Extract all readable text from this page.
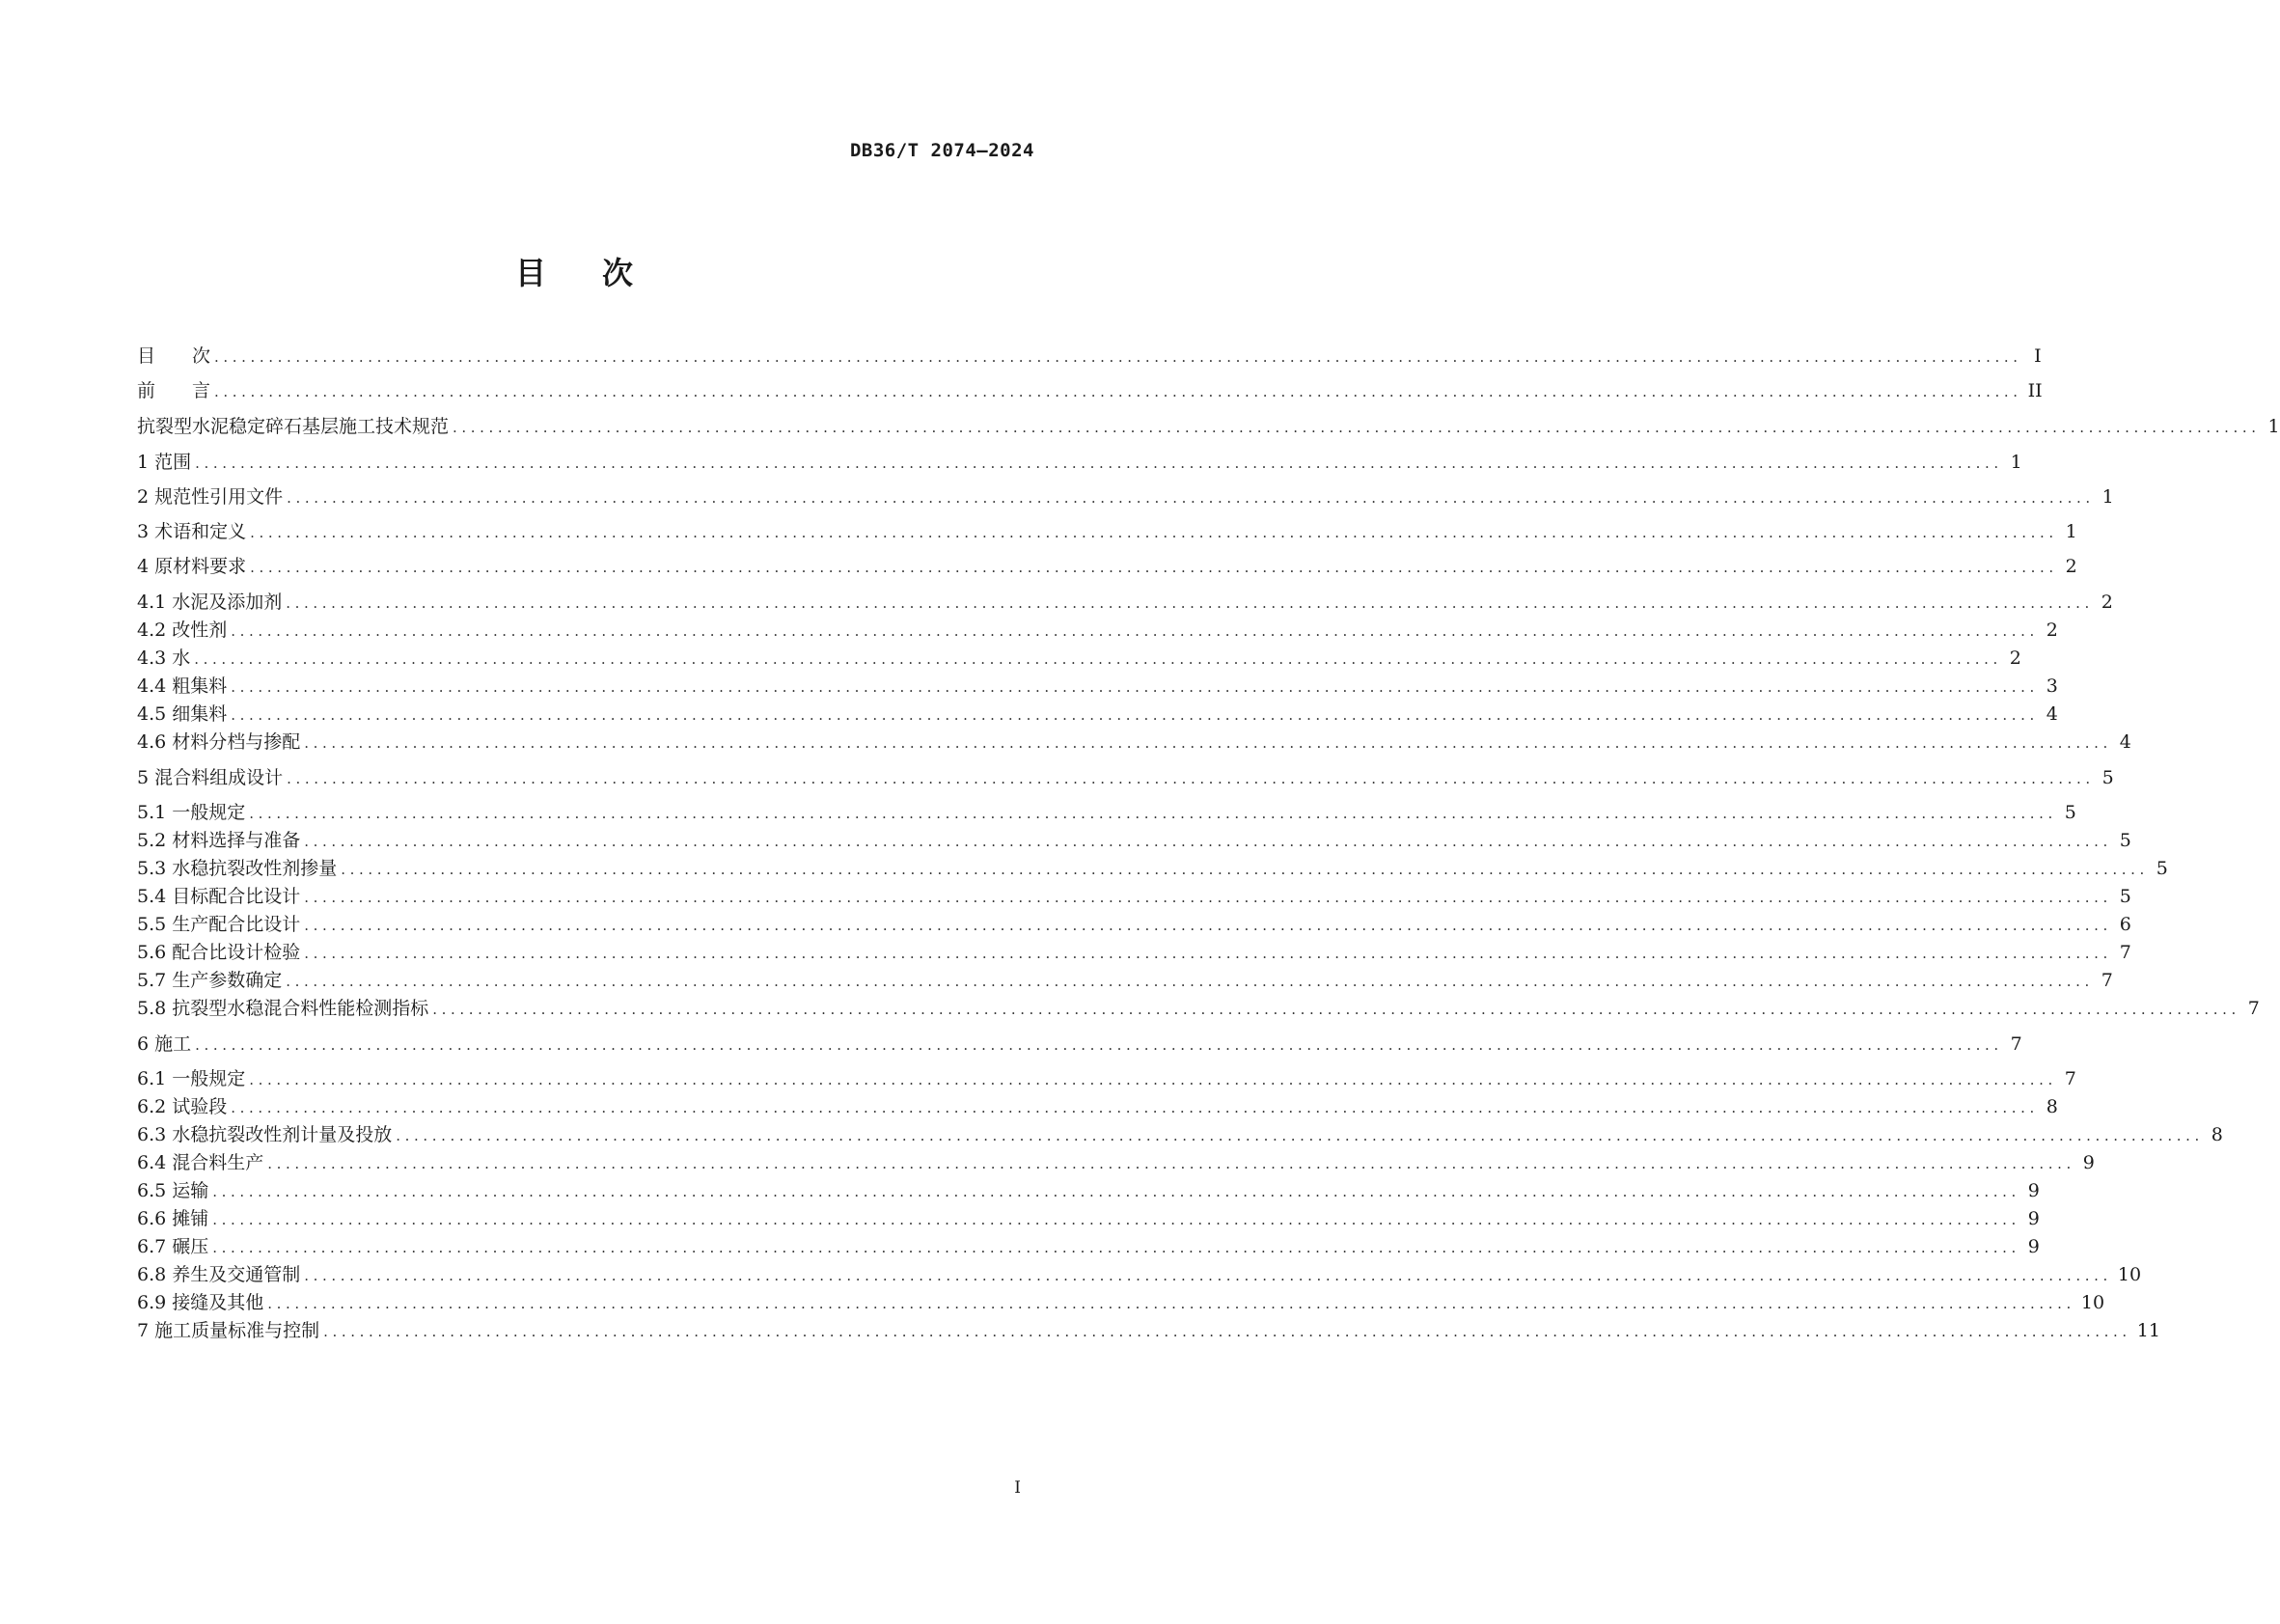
DB36/T 2074—2024
目 次
目　　次 ........................................................................................................................................................................................................ I
前　　言 ........................................................................................................................................................................................................ II
抗裂型水泥稳定碎石基层施工技术规范 ........................................................................................................................................................................................................ 1
1 范围 ........................................................................................................................................................................................................ 1
2 规范性引用文件 ........................................................................................................................................................................................................ 1
3 术语和定义 ........................................................................................................................................................................................................ 1
4 原材料要求 ........................................................................................................................................................................................................ 2
4.1 水泥及添加剂 ........................................................................................................................................................................................................ 2
4.2 改性剂 ........................................................................................................................................................................................................ 2
4.3 水 ........................................................................................................................................................................................................ 2
4.4 粗集料 ........................................................................................................................................................................................................ 3
4.5 细集料 ........................................................................................................................................................................................................ 4
4.6 材料分档与掺配 ........................................................................................................................................................................................................ 4
5 混合料组成设计 ........................................................................................................................................................................................................ 5
5.1 一般规定 ........................................................................................................................................................................................................ 5
5.2 材料选择与准备 ........................................................................................................................................................................................................ 5
5.3 水稳抗裂改性剂掺量 ........................................................................................................................................................................................................ 5
5.4 目标配合比设计 ........................................................................................................................................................................................................ 5
5.5 生产配合比设计 ........................................................................................................................................................................................................ 6
5.6 配合比设计检验 ........................................................................................................................................................................................................ 7
5.7 生产参数确定 ........................................................................................................................................................................................................ 7
5.8 抗裂型水稳混合料性能检测指标 ........................................................................................................................................................................................................ 7
6 施工 ........................................................................................................................................................................................................ 7
6.1 一般规定 ........................................................................................................................................................................................................ 7
6.2 试验段 ........................................................................................................................................................................................................ 8
6.3 水稳抗裂改性剂计量及投放 ........................................................................................................................................................................................................ 8
6.4 混合料生产 ........................................................................................................................................................................................................ 9
6.5 运输 ........................................................................................................................................................................................................ 9
6.6 摊铺 ........................................................................................................................................................................................................ 9
6.7 碾压 ........................................................................................................................................................................................................ 9
6.8 养生及交通管制 ........................................................................................................................................................................................................ 10
6.9 接缝及其他 ........................................................................................................................................................................................................ 10
7 施工质量标准与控制 ........................................................................................................................................................................................................ 11
I
